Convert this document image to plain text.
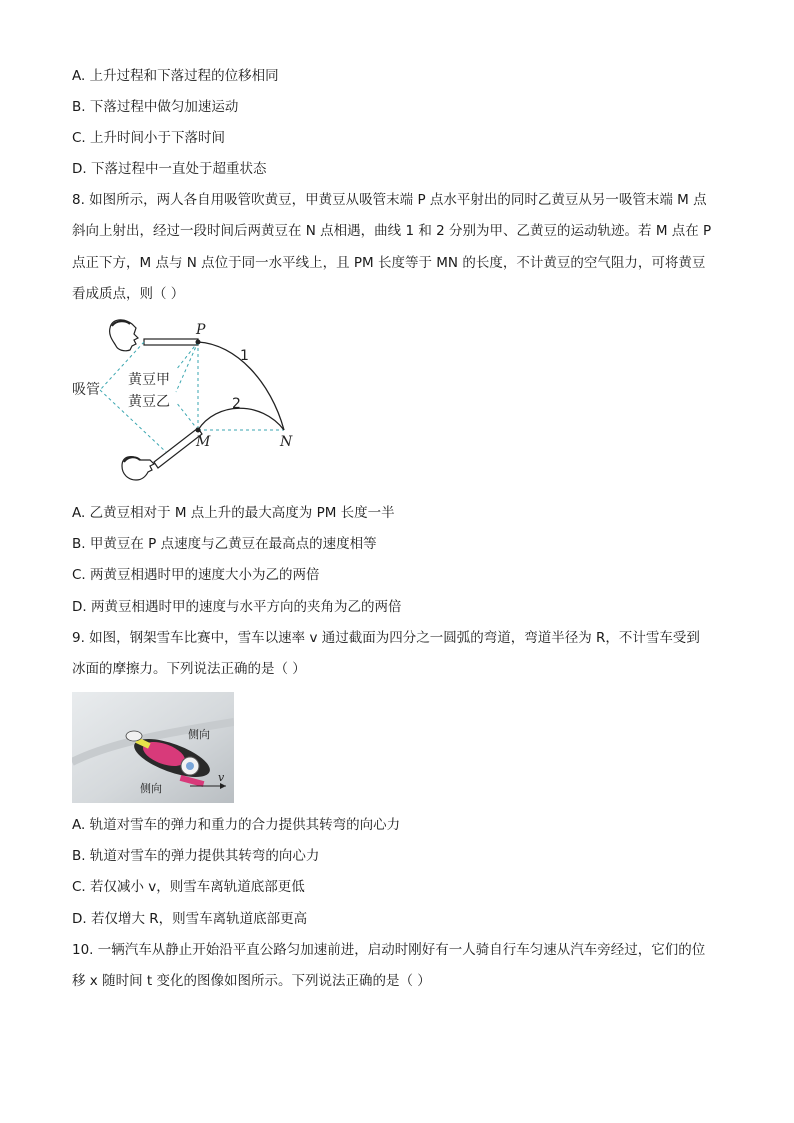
A. 上升过程和下落过程的位移相同
B. 下落过程中做匀加速运动
C. 上升时间小于下落时间
D. 下落过程中一直处于超重状态
8. 如图所示，两人各自用吸管吹黄豆，甲黄豆从吸管末端 P 点水平射出的同时乙黄豆从另一吸管末端 M 点
斜向上射出，经过一段时间后两黄豆在 N 点相遇，曲线 1 和 2 分别为甲、乙黄豆的运动轨迹。若 M 点在 P
点正下方，M 点与 N 点位于同一水平线上，且 PM 长度等于 MN 的长度，不计黄豆的空气阻力，可将黄豆
看成质点，则（ ）
P
M	N
1
2
吸管
黄豆甲
黄豆乙
A. 乙黄豆相对于 M 点上升的最大高度为 PM 长度一半
B. 甲黄豆在 P 点速度与乙黄豆在最高点的速度相等
C. 两黄豆相遇时甲的速度大小为乙的两倍
D. 两黄豆相遇时甲的速度与水平方向的夹角为乙的两倍
9. 如图，钢架雪车比赛中，雪车以速率 v 通过截面为四分之一圆弧的弯道，弯道半径为 R，不计雪车受到
冰面的摩擦力。下列说法正确的是（ ）
v
侧向
侧向
A. 轨道对雪车的弹力和重力的合力提供其转弯的向心力
B. 轨道对雪车的弹力提供其转弯的向心力
C. 若仅减小 v，则雪车离轨道底部更低
D. 若仅增大 R，则雪车离轨道底部更高
10. 一辆汽车从静止开始沿平直公路匀加速前进，启动时刚好有一人骑自行车匀速从汽车旁经过，它们的位
移 x 随时间 t 变化的图像如图所示。下列说法正确的是（ ）
